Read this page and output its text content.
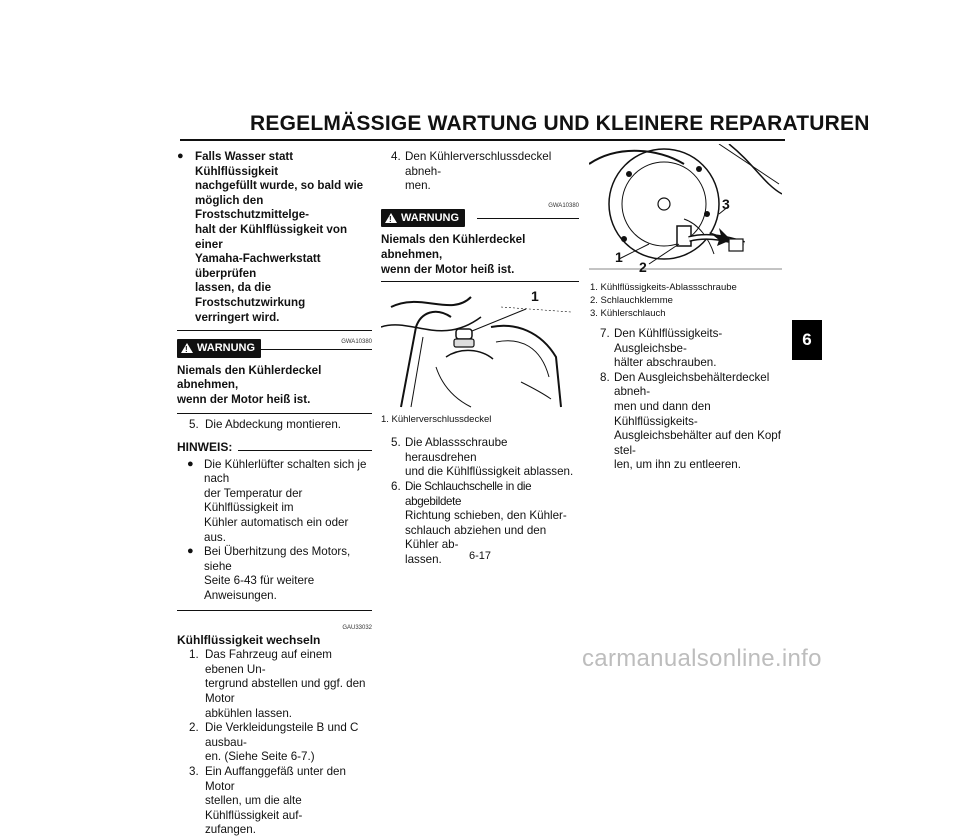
REGELMÄSSIGE WARTUNG UND KLEINERE REPARATUREN
6
● Falls Wasser statt Kühlflüssigkeit
nachgefüllt wurde, so bald wie
möglich den Frostschutzmittelge-
halt der Kühlflüssigkeit von einer
Yamaha-Fachwerkstatt überprüfen
lassen, da die Frostschutzwirkung
verringert wird.
!
WARNUNG	GWA10380
Niemals den Kühlerdeckel abnehmen,
wenn der Motor heiß ist.
5. Die Abdeckung montieren.
HINWEIS:
● Die Kühlerlüfter schalten sich je nach
der Temperatur der Kühlflüssigkeit im
Kühler automatisch ein oder aus.
● Bei Überhitzung des Motors, siehe
Seite 6-43 für weitere Anweisungen.
GAU33032
Kühlflüssigkeit wechseln
1. Das Fahrzeug auf einem ebenen Un-
tergrund abstellen und ggf. den Motor
abkühlen lassen.
2. Die Verkleidungsteile B und C ausbau-
en. (Siehe Seite 6-7.)
3. Ein Auffanggefäß unter den Motor
stellen, um die alte Kühlflüssigkeit auf-
zufangen.
4. Den Kühlerverschlussdeckel abneh-
men.
GWA10380
!
WARNUNG
Niemals den Kühlerdeckel abnehmen,
wenn der Motor heiß ist.
1
1. Kühlerverschlussdeckel
5. Die Ablassschraube herausdrehen
und die Kühlflüssigkeit ablassen.
6. Die Schlauchschelle in die abgebildete
Richtung schieben, den Kühler-
schlauch abziehen und den Kühler ab-
lassen.
1
2
3
1. Kühlflüssigkeits-Ablassschraube
2. Schlauchklemme
3. Kühlerschlauch
7. Den Kühlflüssigkeits-Ausgleichsbe-
hälter abschrauben.
8. Den Ausgleichsbehälterdeckel abneh-
men und dann den Kühlflüssigkeits-
Ausgleichsbehälter auf den Kopf stel-
len, um ihn zu entleeren.
6-17
carmanualsonline.info
